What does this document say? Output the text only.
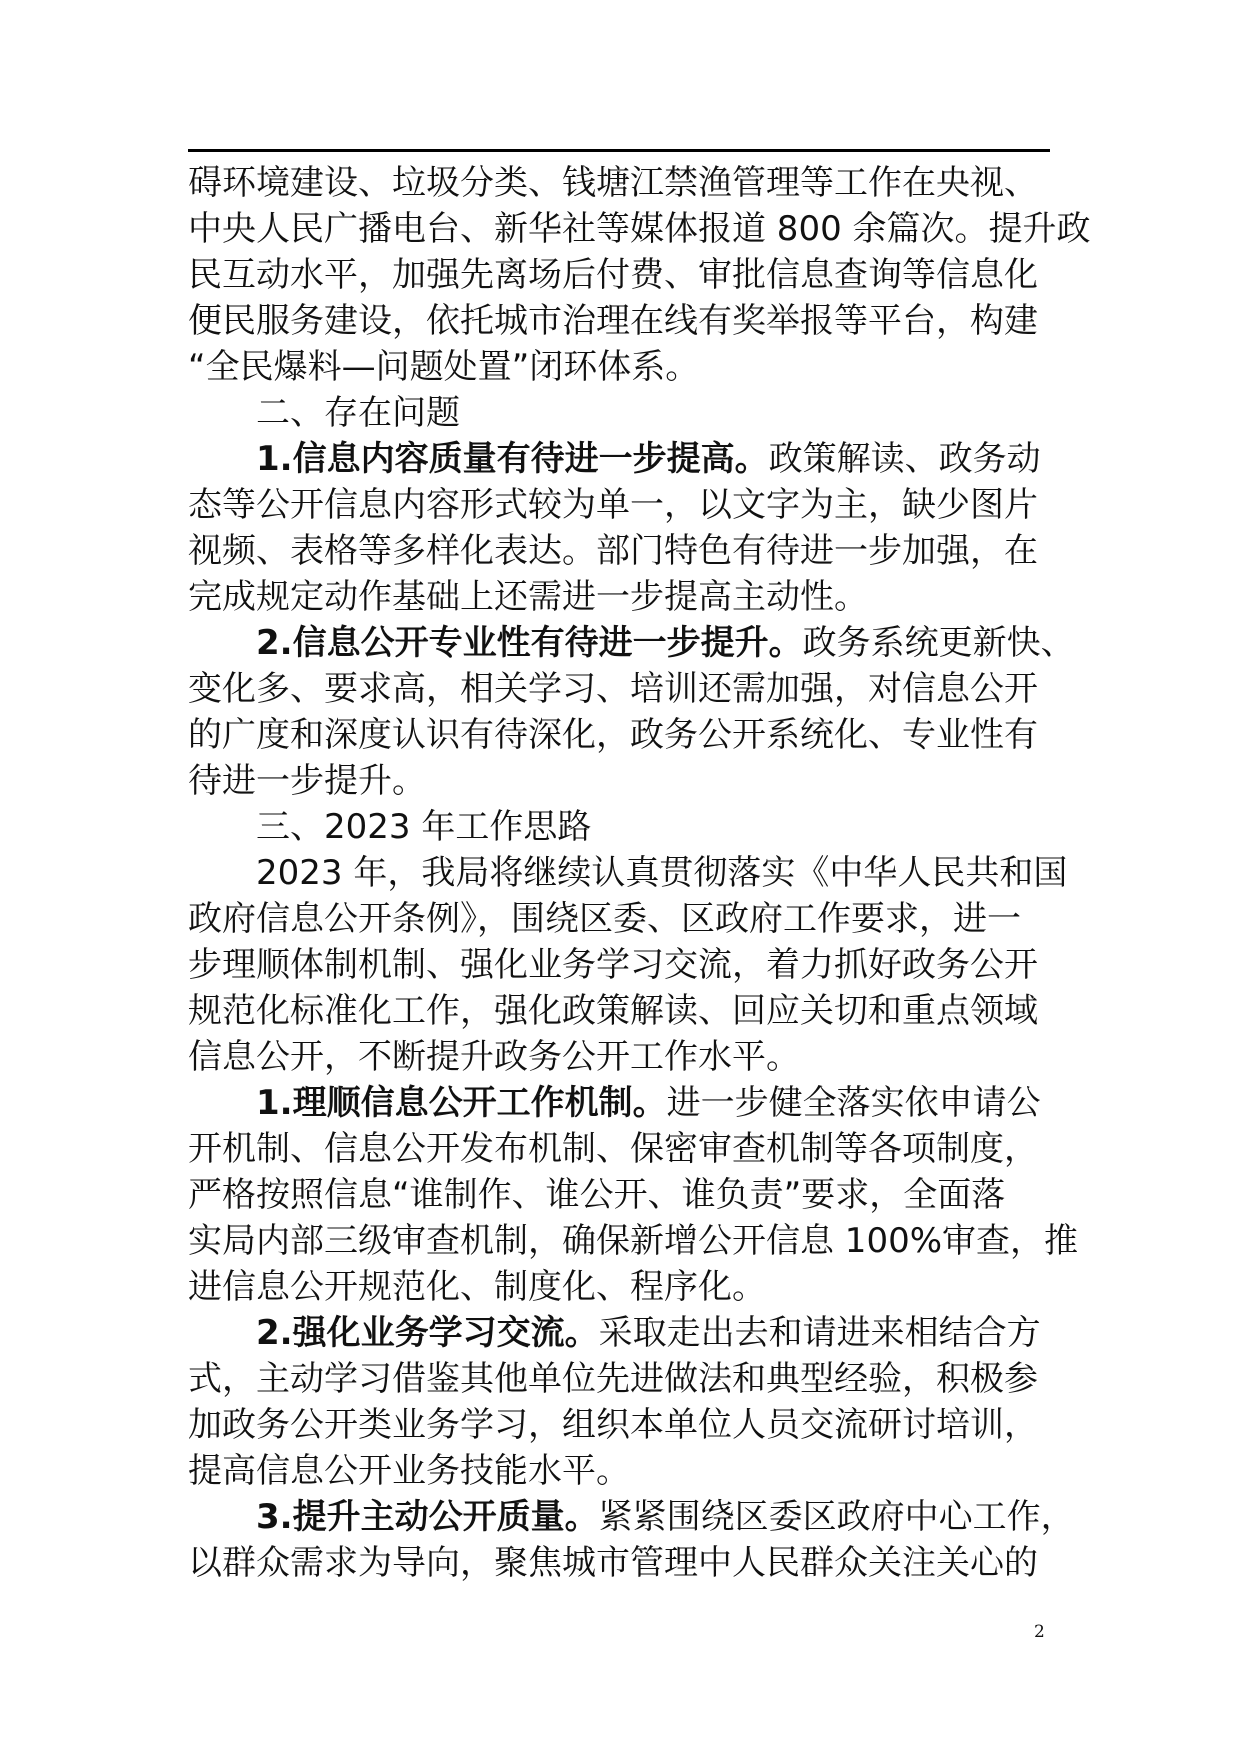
碍环境建设、垃圾分类、钱塘江禁渔管理等工作在央视、
中央人民广播电台、新华社等媒体报道 800 余篇次。提升政
民互动水平，加强先离场后付费、审批信息查询等信息化
便民服务建设，依托城市治理在线有奖举报等平台，构建
“全民爆料—问题处置”闭环体系。
二、存在问题
1.信息内容质量有待进一步提高。政策解读、政务动
态等公开信息内容形式较为单一，以文字为主，缺少图片
视频、表格等多样化表达。部门特色有待进一步加强，在
完成规定动作基础上还需进一步提高主动性。
2.信息公开专业性有待进一步提升。政务系统更新快、
变化多、要求高，相关学习、培训还需加强，对信息公开
的广度和深度认识有待深化，政务公开系统化、专业性有
待进一步提升。
三、2023 年工作思路
2023 年，我局将继续认真贯彻落实《中华人民共和国
政府信息公开条例》，围绕区委、区政府工作要求，进一
步理顺体制机制、强化业务学习交流，着力抓好政务公开
规范化标准化工作，强化政策解读、回应关切和重点领域
信息公开，不断提升政务公开工作水平。
1.理顺信息公开工作机制。进一步健全落实依申请公
开机制、信息公开发布机制、保密审查机制等各项制度，
严格按照信息“谁制作、谁公开、谁负责”要求，全面落
实局内部三级审查机制，确保新增公开信息 100%审查，推
进信息公开规范化、制度化、程序化。
2.强化业务学习交流。采取走出去和请进来相结合方
式，主动学习借鉴其他单位先进做法和典型经验，积极参
加政务公开类业务学习，组织本单位人员交流研讨培训，
提高信息公开业务技能水平。
3.提升主动公开质量。紧紧围绕区委区政府中心工作，
以群众需求为导向，聚焦城市管理中人民群众关注关心的
2
